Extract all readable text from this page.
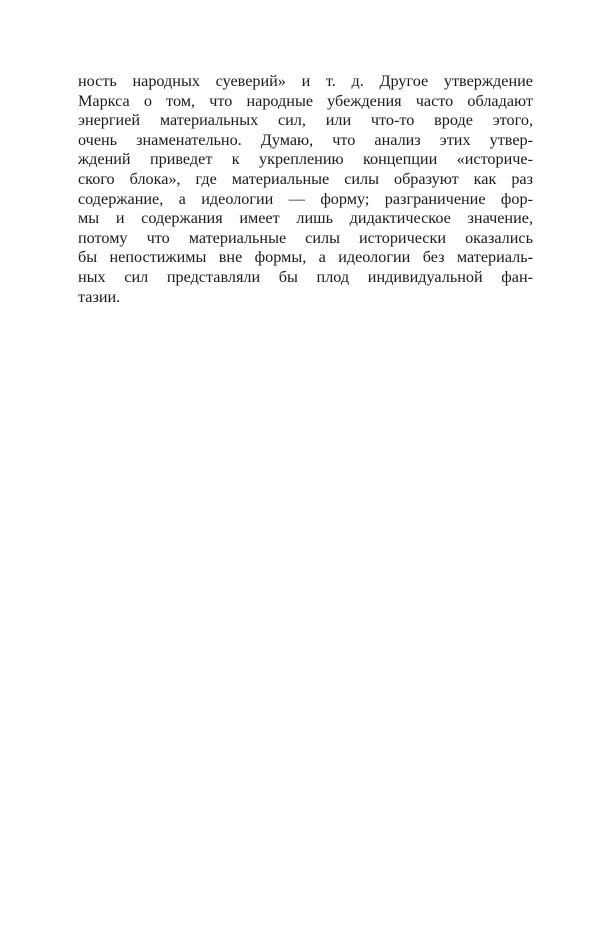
ность народных суеверий» и т. д. Другое утверждение
Маркса о том, что народные убеждения часто обладают
энергией материальных сил, или что-то вроде этого,
очень знаменательно. Думаю, что анализ этих утвер-
ждений приведет к укреплению концепции «историче-
ского блока», где материальные силы образуют как раз
содержание, а идеологии — форму; разграничение фор-
мы и содержания имеет лишь дидактическое значение,
потому что материальные силы исторически оказались
бы непостижимы вне формы, а идеологии без материаль-
ных сил представляли бы плод индивидуальной фан-
тазии.
